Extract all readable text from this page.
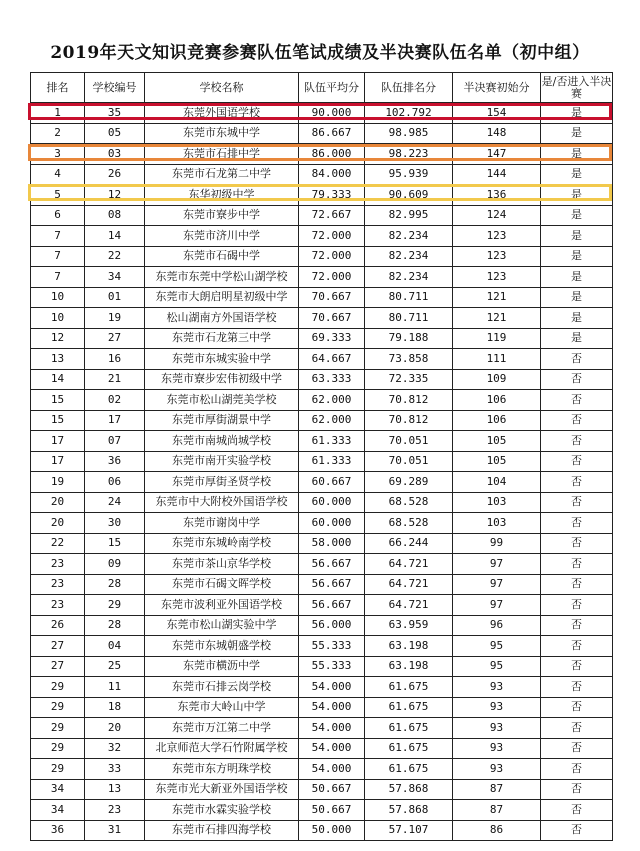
2019年天文知识竞赛参赛队伍笔试成绩及半决赛队伍名单（初中组）
排名	学校编号	学校名称	队伍平均分	队伍排名分	半决赛初始分	是/否进入半决赛
1	35	东莞外国语学校	90.000	102.792	154	是
2	05	东莞市东城中学	86.667	98.985	148	是
3	03	东莞市石排中学	86.000	98.223	147	是
4	26	东莞市石龙第二中学	84.000	95.939	144	是
5	12	东华初级中学	79.333	90.609	136	是
6	08	东莞市寮步中学	72.667	82.995	124	是
7	14	东莞市济川中学	72.000	82.234	123	是
7	22	东莞市石碣中学	72.000	82.234	123	是
7	34	东莞市东莞中学松山湖学校	72.000	82.234	123	是
10	01	东莞市大朗启明星初级中学	70.667	80.711	121	是
10	19	松山湖南方外国语学校	70.667	80.711	121	是
12	27	东莞市石龙第三中学	69.333	79.188	119	是
13	16	东莞市东城实验中学	64.667	73.858	111	否
14	21	东莞市寮步宏伟初级中学	63.333	72.335	109	否
15	02	东莞市松山湖莞美学校	62.000	70.812	106	否
15	17	东莞市厚街湖景中学	62.000	70.812	106	否
17	07	东莞市南城尚城学校	61.333	70.051	105	否
17	36	东莞市南开实验学校	61.333	70.051	105	否
19	06	东莞市厚街圣贤学校	60.667	69.289	104	否
20	24	东莞市中大附校外国语学校	60.000	68.528	103	否
20	30	东莞市谢岗中学	60.000	68.528	103	否
22	15	东莞市东城岭南学校	58.000	66.244	99	否
23	09	东莞市茶山京华学校	56.667	64.721	97	否
23	28	东莞市石碣文晖学校	56.667	64.721	97	否
23	29	东莞市波利亚外国语学校	56.667	64.721	97	否
26	28	东莞市松山湖实验中学	56.000	63.959	96	否
27	04	东莞市东城朝盛学校	55.333	63.198	95	否
27	25	东莞市横沥中学	55.333	63.198	95	否
29	11	东莞市石排云岗学校	54.000	61.675	93	否
29	18	东莞市大岭山中学	54.000	61.675	93	否
29	20	东莞市万江第二中学	54.000	61.675	93	否
29	32	北京师范大学石竹附属学校	54.000	61.675	93	否
29	33	东莞市东方明珠学校	54.000	61.675	93	否
34	13	东莞市光大新亚外国语学校	50.667	57.868	87	否
34	23	东莞市水霖实验学校	50.667	57.868	87	否
36	31	东莞市石排四海学校	50.000	57.107	86	否
